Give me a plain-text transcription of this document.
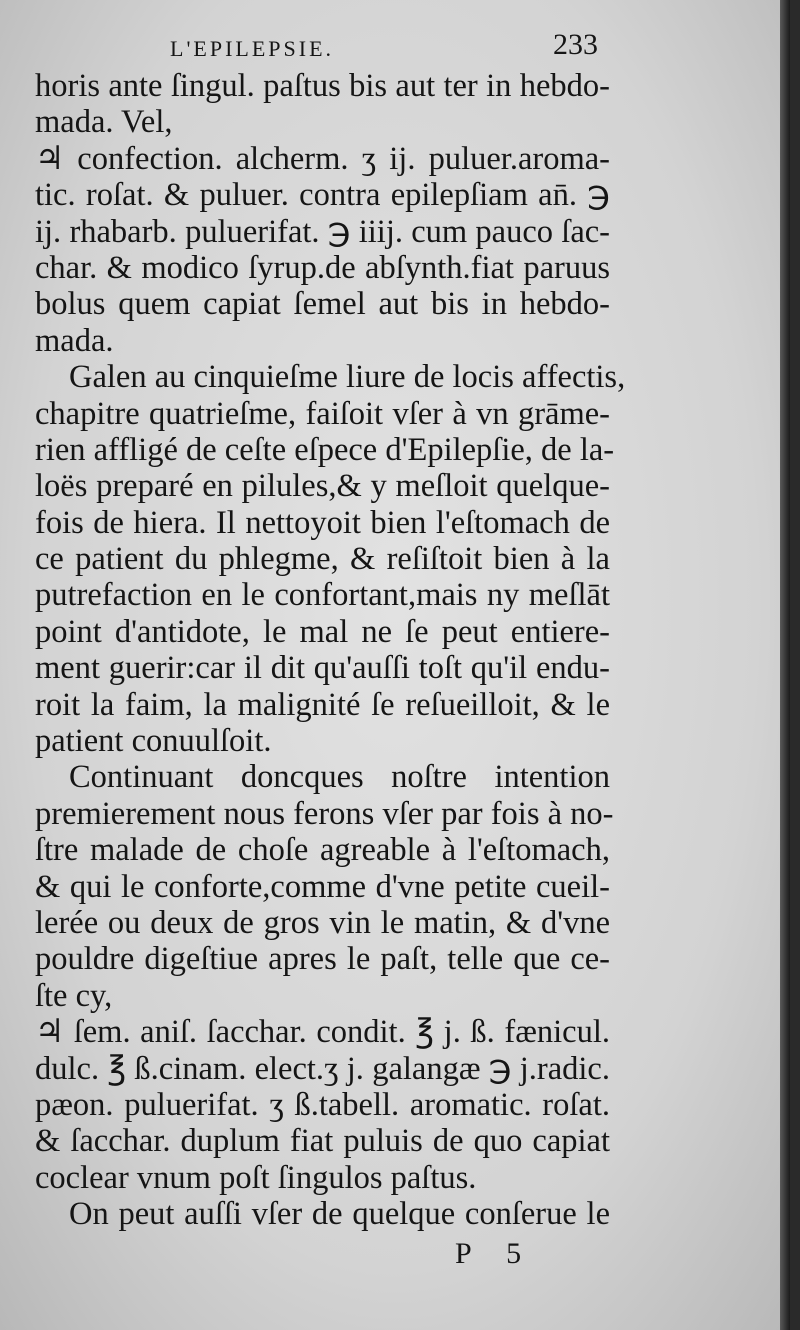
L'EPILEPSIE.	233
horis ante ſingul. paſtus bis aut ter in hebdo-
mada. Vel,
♃ confection. alcherm. ʒ ij. puluer.aroma-
tic. roſat. & puluer. contra epilepſiam an̄. ℈
ij. rhabarb. puluerifat. ℈ iiij. cum pauco ſac-
char. & modico ſyrup.de abſynth.fiat paruus
bolus quem capiat ſemel aut bis in hebdo-
mada.
Galen au cinquieſme liure de locis affectis,
chapitre quatrieſme, faiſoit vſer à vn grāme-
rien affligé de ceſte eſpece d'Epilepſie, de la-
loës preparé en pilules,& y meſloit quelque-
fois de hiera. Il nettoyoit bien l'eſtomach de
ce patient du phlegme, & reſiſtoit bien à la
putrefaction en le confortant,mais ny meſlāt
point d'antidote, le mal ne ſe peut entiere-
ment guerir:car il dit qu'auſſi toſt qu'il endu-
roit la faim, la malignité ſe reſueilloit, & le
patient conuulſoit.
Continuant doncques noſtre intention
premierement nous ferons vſer par fois à no-
ſtre malade de choſe agreable à l'eſtomach,
& qui le conforte,comme d'vne petite cueil-
lerée ou deux de gros vin le matin, & d'vne
pouldre digeſtiue apres le paſt, telle que ce-
ſte cy,
♃ ſem. aniſ. ſacchar. condit. ℥ j. ß. fænicul.
dulc. ℥ ß.cinam. elect.ʒ j. galangæ ℈ j.radic.
pæon. puluerifat. ʒ ß.tabell. aromatic. roſat.
& ſacchar. duplum fiat puluis de quo capiat
coclear vnum poſt ſingulos paſtus.
On peut auſſi vſer de quelque conſerue le
P 5
